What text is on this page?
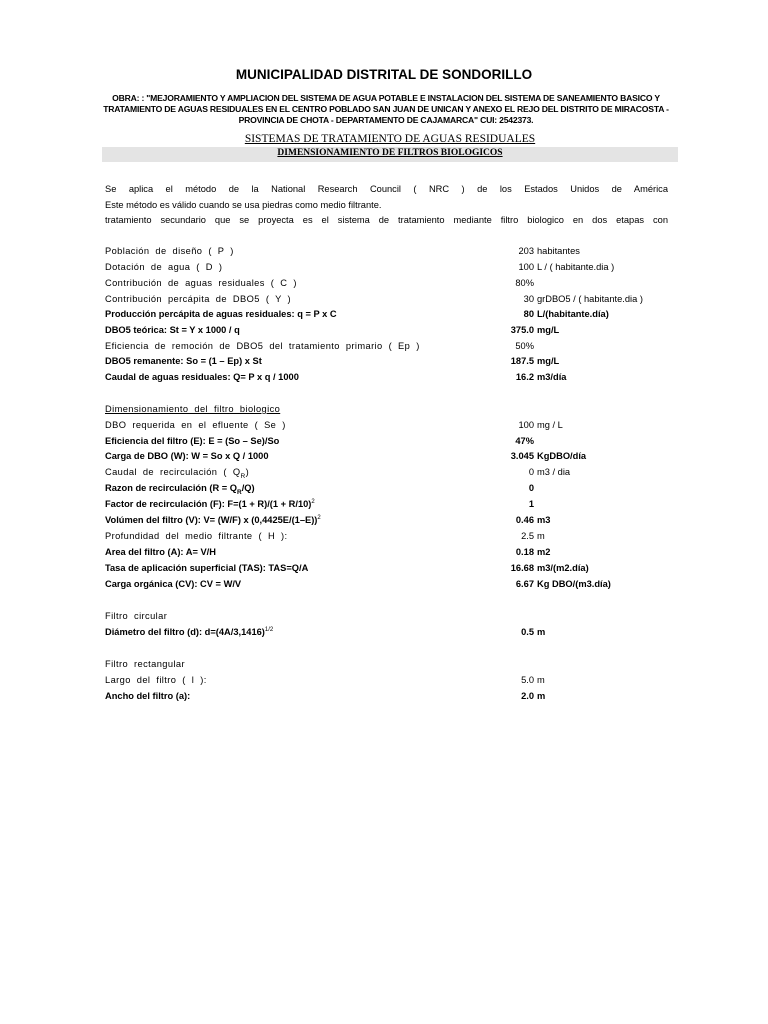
MUNICIPALIDAD DISTRITAL DE SONDORILLO
OBRA: : "MEJORAMIENTO Y AMPLIACION DEL SISTEMA DE AGUA POTABLE E INSTALACION DEL SISTEMA DE SANEAMIENTO BASICO Y
TRATAMIENTO DE AGUAS RESIDUALES EN EL CENTRO POBLADO SAN JUAN DE UNICAN Y ANEXO EL REJO DEL DISTRITO DE MIRACOSTA -
PROVINCIA DE CHOTA - DEPARTAMENTO DE CAJAMARCA" CUI: 2542373.
SISTEMAS DE TRATAMIENTO DE AGUAS RESIDUALES
DIMENSIONAMIENTO DE FILTROS BIOLOGICOS
Se aplica el método de la National Research Council ( NRC ) de los Estados Unidos de América
Este método es válido cuando se usa piedras como medio filtrante.
tratamiento secundario que se proyecta es el sistema de tratamiento mediante filtro biologico en dos etapas con
Población de diseño ( P )	203 habitantes
Dotación de agua ( D )	100 L / ( habitante.dia )
Contribución de aguas residuales ( C )	80%
Contribución percápita de DBO5 ( Y )	30 grDBO5 / ( habitante.dia )
Producción percápita de aguas residuales: q = P x C	80 L/(habitante.día)
DBO5 teórica: St = Y x 1000 / q	375.0 mg/L
Eficiencia de remoción de DBO5 del tratamiento primario ( Ep )	50%
DBO5 remanente: So = (1 – Ep) x St	187.5 mg/L
Caudal de aguas residuales: Q= P x q / 1000	16.2 m3/día
Dimensionamiento del filtro biologico
DBO requerida en el efluente ( Se )	100 mg / L
Eficiencia del filtro (E): E = (So – Se)/So	47%
Carga de DBO (W): W = So x Q / 1000	3.045 KgDBO/día
Caudal de recirculación ( $Q_R$)	0 m3 / dia
Razon de recirculación $(R = Q_R/Q)$	0
Factor de recirculación (F): $F=(1 + R)/(1 + R/10)^2$	1
Volúmen del filtro (V): V= (W/F) x $(0,4425E/(1-E))^2$	0.46 m3
Profundidad del medio filtrante ( H ):	2.5 m
Area del filtro (A): A= V/H	0.18 m2
Tasa de aplicación superficial (TAS): TAS=Q/A	16.68 m3/(m2.día)
Carga orgánica (CV): CV = W/V	6.67 Kg DBO/(m3.día)
Filtro circular
Diámetro del filtro (d): $d=(4A/3,1416)^{1/2}$	0.5 m
Filtro rectangular
Largo del filtro ( l ):	5.0 m
Ancho del filtro (a):	2.0 m
